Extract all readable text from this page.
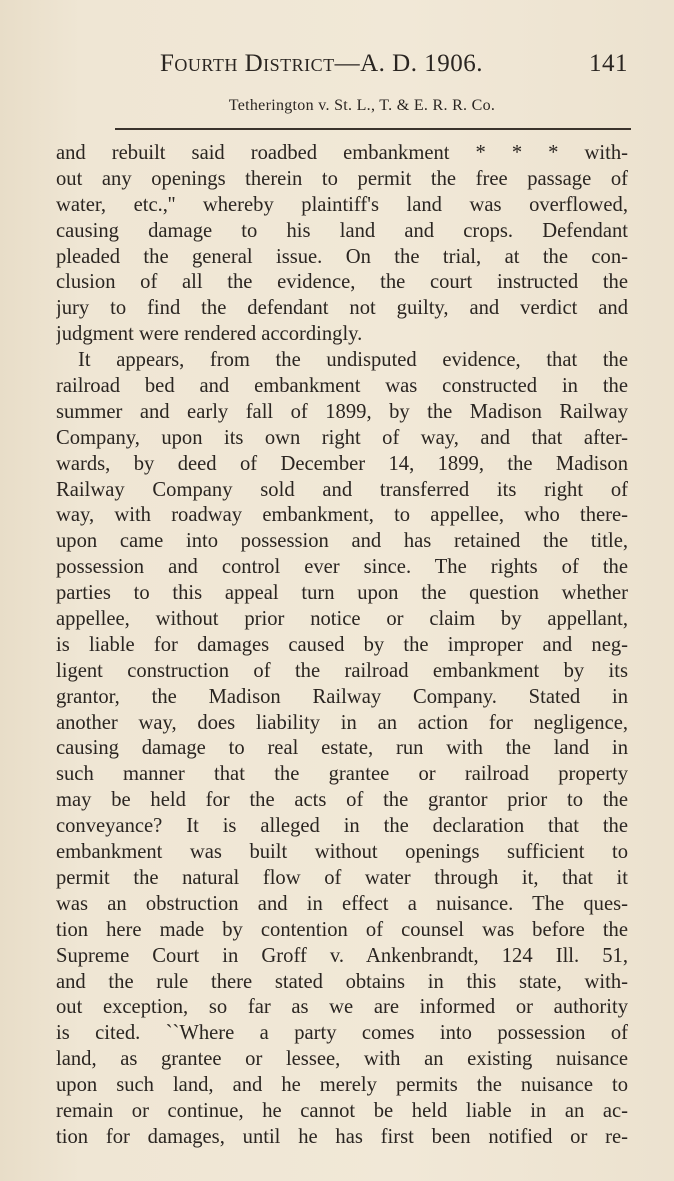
Fourth District—A. D. 1906.	141
Tetherington v. St. L., T. & E. R. R. Co.
and rebuilt said roadbed embankment * * * with-
out any openings therein to permit the free passage of
water, etc.,'' whereby plaintiff's land was overflowed,
causing damage to his land and crops. Defendant
pleaded the general issue. On the trial, at the con-
clusion of all the evidence, the court instructed the
jury to find the defendant not guilty, and verdict and
judgment were rendered accordingly.
It appears, from the undisputed evidence, that the
railroad bed and embankment was constructed in the
summer and early fall of 1899, by the Madison Railway
Company, upon its own right of way, and that after-
wards, by deed of December 14, 1899, the Madison
Railway Company sold and transferred its right of
way, with roadway embankment, to appellee, who there-
upon came into possession and has retained the title,
possession and control ever since. The rights of the
parties to this appeal turn upon the question whether
appellee, without prior notice or claim by appellant,
is liable for damages caused by the improper and neg-
ligent construction of the railroad embankment by its
grantor, the Madison Railway Company. Stated in
another way, does liability in an action for negligence,
causing damage to real estate, run with the land in
such manner that the grantee or railroad property
may be held for the acts of the grantor prior to the
conveyance? It is alleged in the declaration that the
embankment was built without openings sufficient to
permit the natural flow of water through it, that it
was an obstruction and in effect a nuisance. The ques-
tion here made by contention of counsel was before the
Supreme Court in Groff v. Ankenbrandt, 124 Ill. 51,
and the rule there stated obtains in this state, with-
out exception, so far as we are informed or authority
is cited. ``Where a party comes into possession of
land, as grantee or lessee, with an existing nuisance
upon such land, and he merely permits the nuisance to
remain or continue, he cannot be held liable in an ac-
tion for damages, until he has first been notified or re-
